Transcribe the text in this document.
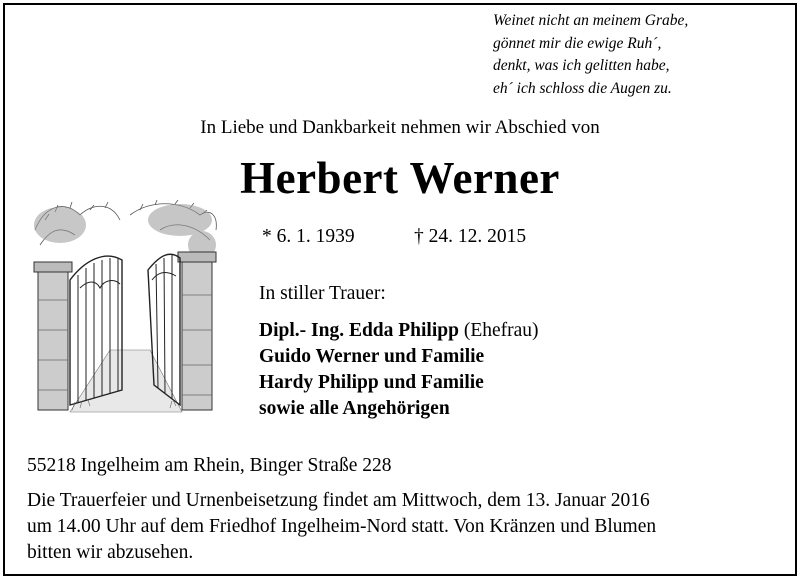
Weinet nicht an meinem Grabe,
gönnet mir die ewige Ruh´,
denkt, was ich gelitten habe,
eh´ ich schloss die Augen zu.
In Liebe und Dankbarkeit nehmen wir Abschied von
Herbert Werner
* 6. 1. 1939	† 24. 12. 2015
In stiller Trauer:
Dipl.- Ing. Edda Philipp (Ehefrau)
Guido Werner und Familie
Hardy Philipp und Familie
sowie alle Angehörigen
55218 Ingelheim am Rhein, Binger Straße 228
Die Trauerfeier und Urnenbeisetzung findet am Mittwoch, dem 13. Januar 2016
um 14.00 Uhr auf dem Friedhof Ingelheim-Nord statt. Von Kränzen und Blumen
bitten wir abzusehen.
